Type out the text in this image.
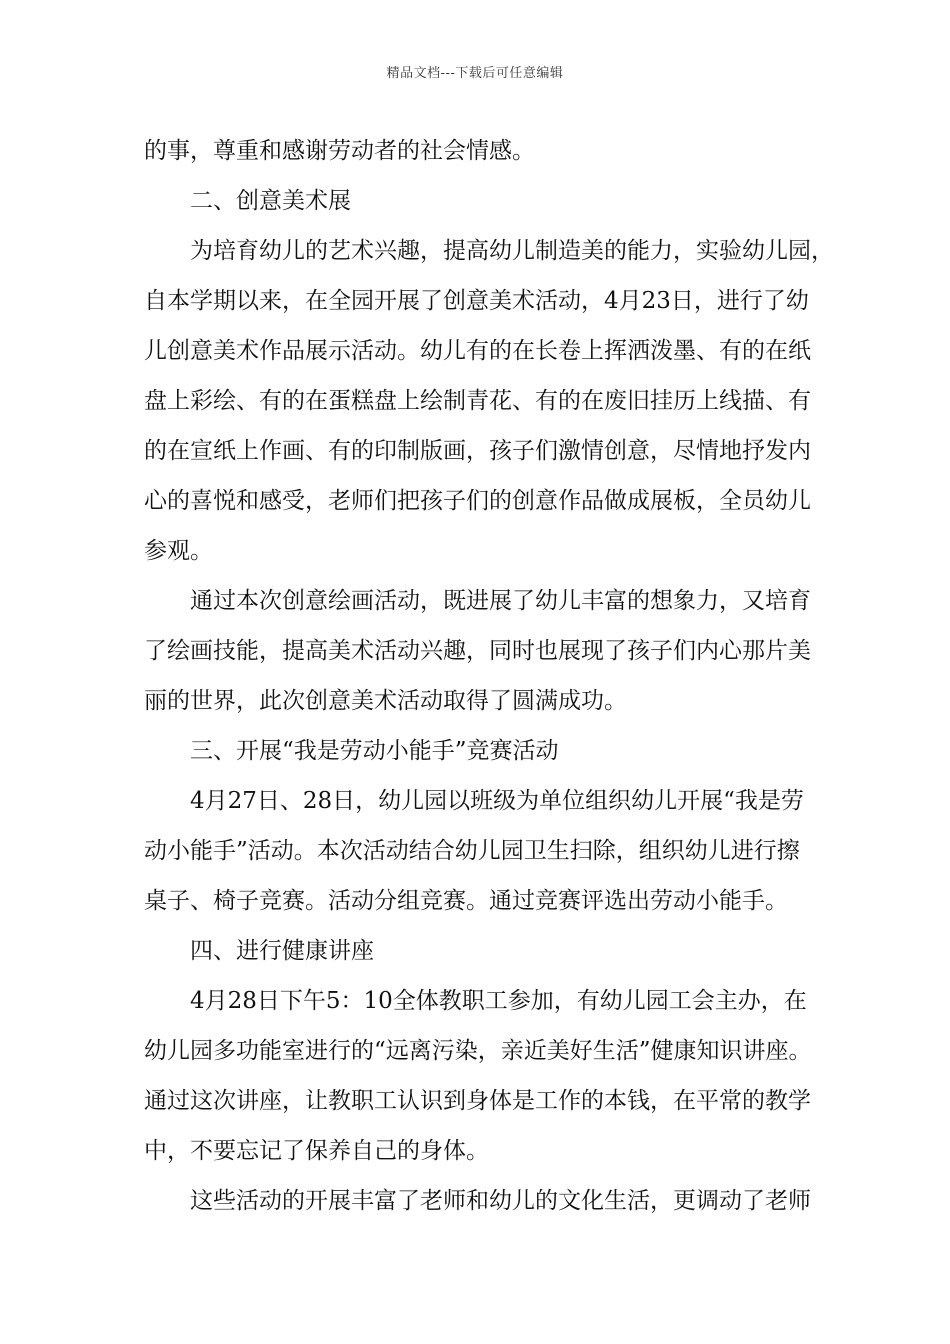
精品文档---下载后可任意编辑
的事，尊重和感谢劳动者的社会情感。
二、创意美术展
为培育幼儿的艺术兴趣，提高幼儿制造美的能力，实验幼儿园，
自本学期以来，在全园开展了创意美术活动，4月23日，进行了幼
儿创意美术作品展示活动。幼儿有的在长卷上挥洒泼墨、有的在纸
盘上彩绘、有的在蛋糕盘上绘制青花、有的在废旧挂历上线描、有
的在宣纸上作画、有的印制版画，孩子们激情创意，尽情地抒发内
心的喜悦和感受，老师们把孩子们的创意作品做成展板，全员幼儿
参观。
通过本次创意绘画活动，既进展了幼儿丰富的想象力，又培育
了绘画技能，提高美术活动兴趣，同时也展现了孩子们内心那片美
丽的世界，此次创意美术活动取得了圆满成功。
三、开展“我是劳动小能手”竞赛活动
4月27日、28日，幼儿园以班级为单位组织幼儿开展“我是劳
动小能手”活动。本次活动结合幼儿园卫生扫除，组织幼儿进行擦
桌子、椅子竞赛。活动分组竞赛。通过竞赛评选出劳动小能手。
四、进行健康讲座
4月28日下午5：10全体教职工参加，有幼儿园工会主办，在
幼儿园多功能室进行的“远离污染，亲近美好生活”健康知识讲座。
通过这次讲座，让教职工认识到身体是工作的本钱，在平常的教学
中，不要忘记了保养自己的身体。
这些活动的开展丰富了老师和幼儿的文化生活，更调动了老师
